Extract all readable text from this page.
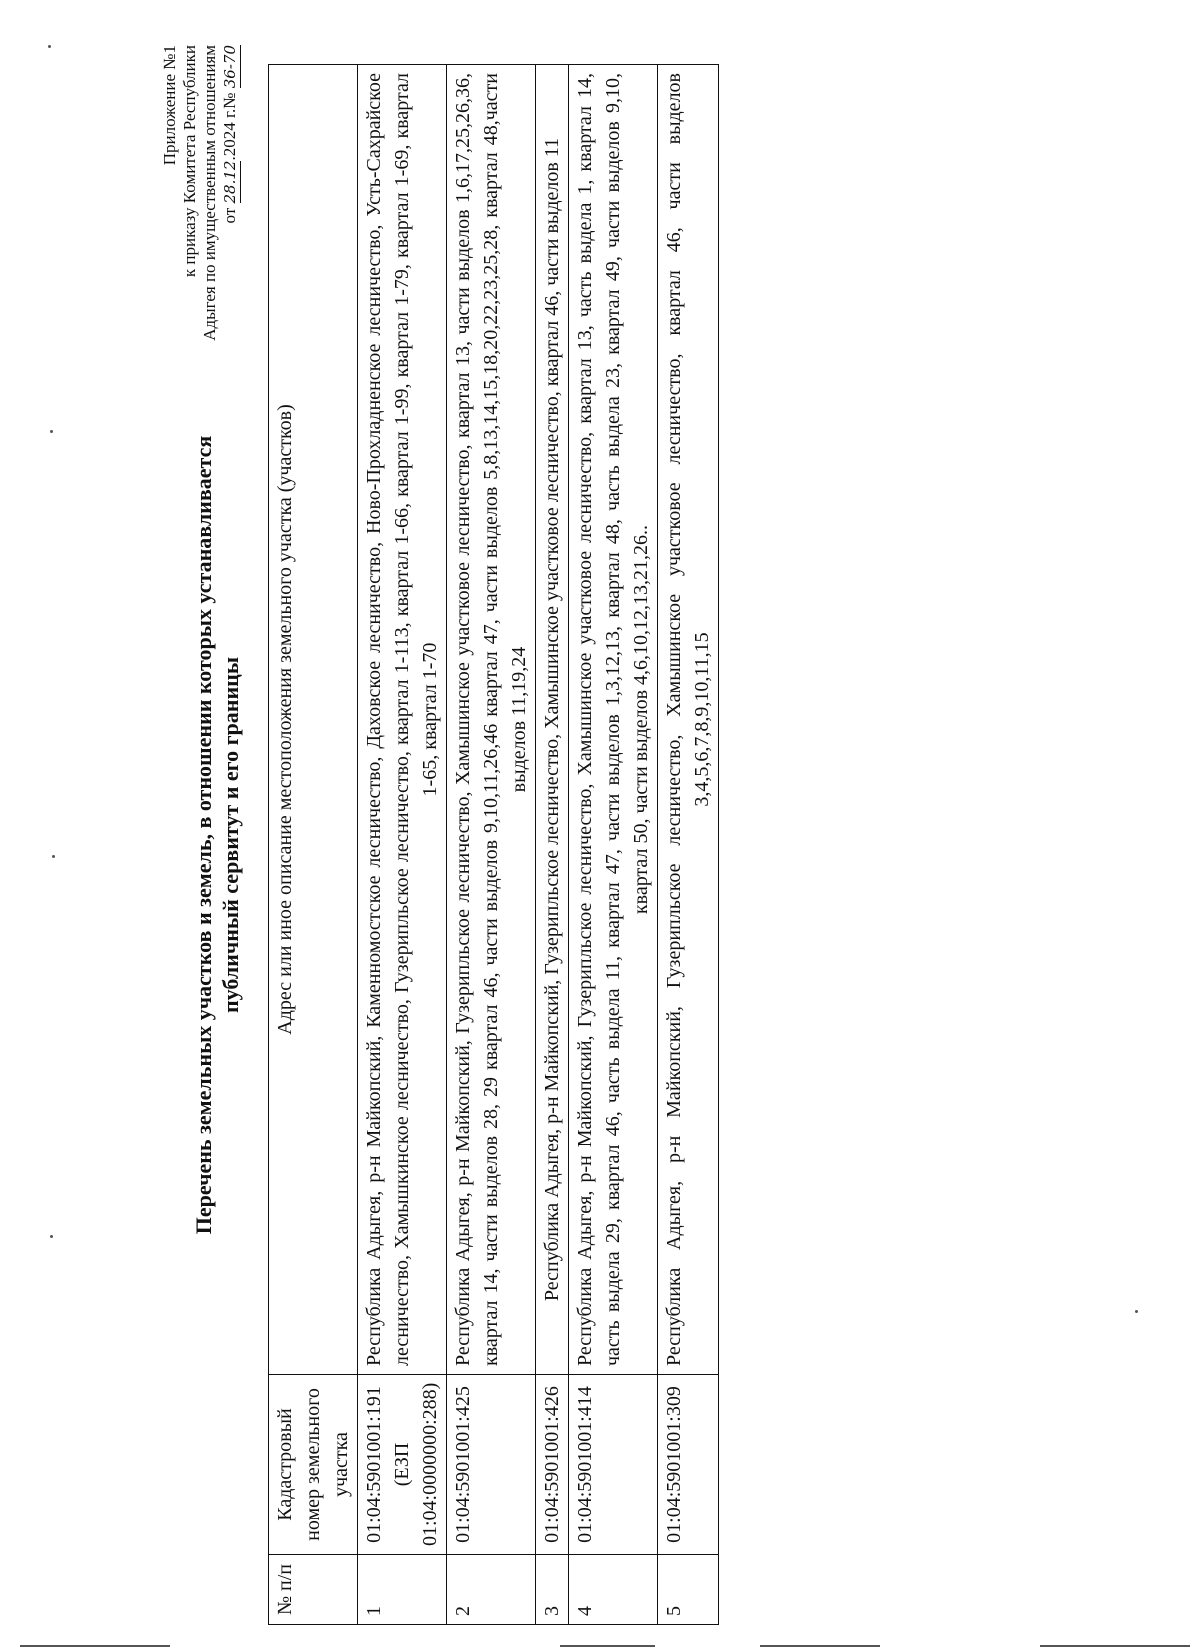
Приложение №1 к приказу Комитета Республики Адыгея по имущественным отношениям от 28.12.2024 г.№ 36-70
Перечень земельных участков и земель, в отношении которых устанавливается публичный сервитут и его границы
№ п/п	Кадастровый номер земельного участка	Адрес или иное описание местоположения земельного участка (участков)
1	01:04:5901001:191 (ЕЗП 01:04:0000000:288)	Республика Адыгея, р-н Майкопский, Каменномостское лесничество, Даховское лесничество, Ново-Прохладненское лесничество, Усть-Сахрайское лесничество, Хамышкинское лесничество, Гузерипльское лесничество, квартал 1-113, квартал 1-66, квартал 1-99, квартал 1-79, квартал 1-69, квартал 1-65, квартал 1-70
2	01:04:5901001:425	Республика Адыгея, р-н Майкопский, Гузерипльское лесничество, Хамышинское участковое лесничество, квартал 13, части выделов 1,6,17,25,26,36, квартал 14, части выделов 28, 29 квартал 46, части выделов 9,10,11,26,46 квартал 47, части выделов 5,8,13,14,15,18,20,22,23,25,28, квартал 48,части выделов 11,19,24
3	01:04:5901001:426	Республика Адыгея, р-н Майкопский, Гузерипльское лесничество, Хамышинское участковое лесничество, квартал 46, части выделов 11
4	01:04:5901001:414	Республика Адыгея, р-н Майкопский, Гузерипльское лесничество, Хамышинское участковое лесничество, квартал 13, часть выдела 1, квартал 14, часть выдела 29, квартал 46, часть выдела 11, квартал 47, части выделов 1,3,12,13, квартал 48, часть выдела 23, квартал 49, части выделов 9,10, квартал 50, части выделов 4,6,10,12,13,21,26..
5	01:04:5901001:309	Республика Адыгея, р-н Майкопский, Гузерипльское лесничество, Хамышинское участковое лесничество, квартал 46, части выделов 3,4,5,6,7,8,9,10,11,15
